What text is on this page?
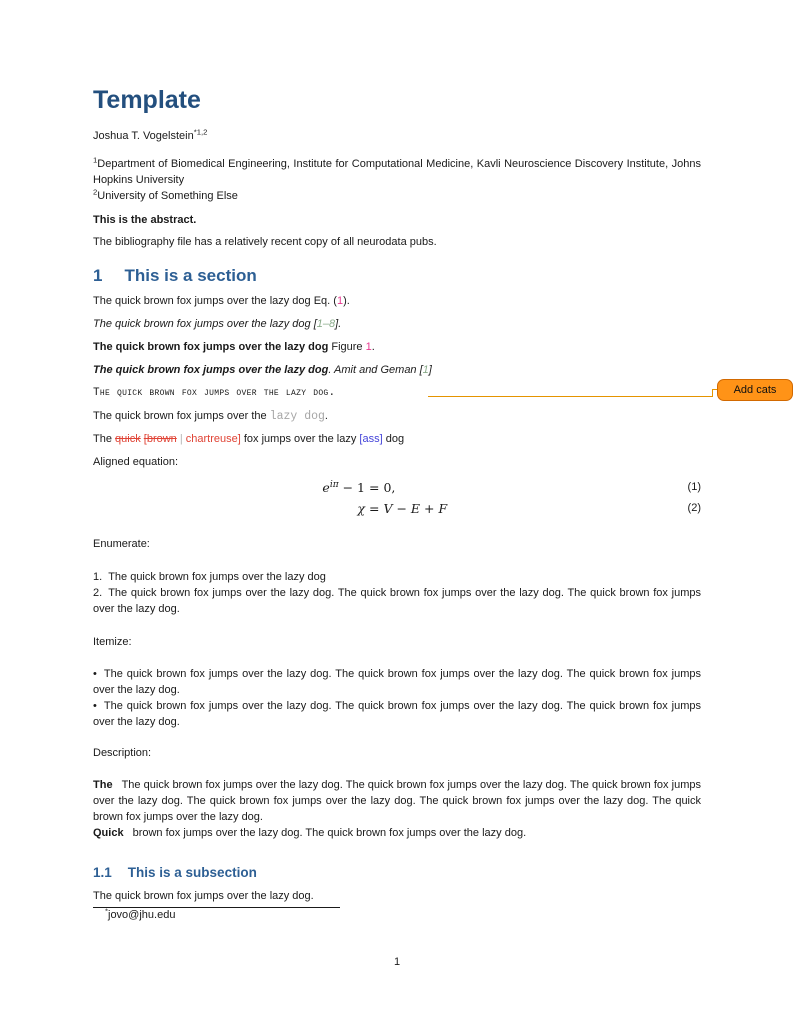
Template

Joshua T. Vogelstein$^{*1,2}$

$^1$Department of Biomedical Engineering, Institute for Computational Medicine, Kavli Neuroscience Discovery Institute, Johns Hopkins University

$^2$University of Something Else

This is the abstract.

The bibliography file has a relatively recent copy of all neurodata pubs.

1 This is a section

The quick brown fox jumps over the lazy dog Eq. (1).

The quick brown fox jumps over the lazy dog [1–8].

The quick brown fox jumps over the lazy dog Figure 1.

The quick brown fox jumps over the lazy dog. Amit and Geman [1]

The quick brown fox jumps over the lazy dog.

The quick brown fox jumps over the lazy dog.

The quick [brown | chartreuse] fox jumps over the lazy [ass] dog

Aligned equation:

$e^{i\pi} - 1 = 0$,	(1)
χ = V − E + F	(2)

Enumerate:

1. The quick brown fox jumps over the lazy dog

2. The quick brown fox jumps over the lazy dog. The quick brown fox jumps over the lazy dog. The quick brown fox jumps over the lazy dog.

Itemize:

• The quick brown fox jumps over the lazy dog. The quick brown fox jumps over the lazy dog. The quick brown fox jumps over the lazy dog.

• The quick brown fox jumps over the lazy dog. The quick brown fox jumps over the lazy dog. The quick brown fox jumps over the lazy dog.

Description:

The The quick brown fox jumps over the lazy dog. The quick brown fox jumps over the lazy dog. The quick brown fox jumps over the lazy dog. The quick brown fox jumps over the lazy dog. The quick brown fox jumps over the lazy dog. The quick brown fox jumps over the lazy dog.

Quick brown fox jumps over the lazy dog. The quick brown fox jumps over the lazy dog.

1.1 This is a subsection

The quick brown fox jumps over the lazy dog.

*jovo@jhu.edu

Add cats
1
